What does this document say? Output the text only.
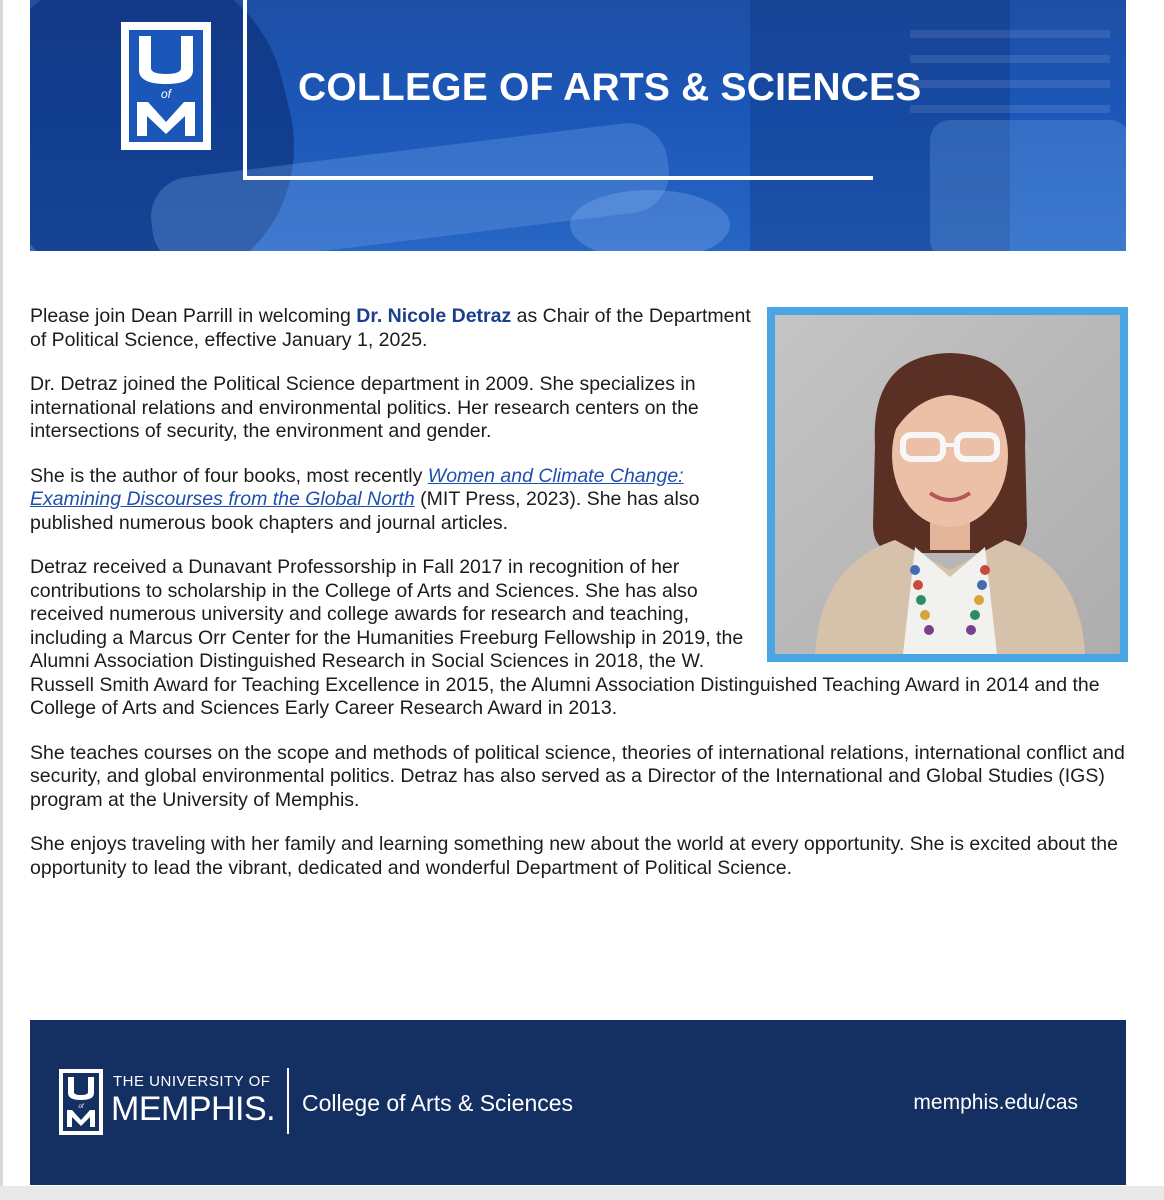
of	COLLEGE OF ARTS & SCIENCES

Please join Dean Parrill in welcoming Dr. Nicole Detraz as Chair of the Department of Political Science, effective January 1, 2025.

Dr. Detraz joined the Political Science department in 2009. She specializes in international relations and environmental politics. Her research centers on the intersections of security, the environment and gender.

She is the author of four books, most recently Women and Climate Change: Examining Discourses from the Global North (MIT Press, 2023). She has also published numerous book chapters and journal articles.

Detraz received a Dunavant Professorship in Fall 2017 in recognition of her contributions to scholarship in the College of Arts and Sciences. She has also received numerous university and college awards for research and teaching, including a Marcus Orr Center for the Humanities Freeburg Fellowship in 2019, the Alumni Association Distinguished Research in Social Sciences in 2018, the W. Russell Smith Award for Teaching Excellence in 2015, the Alumni Association Distinguished Teaching Award in 2014 and the College of Arts and Sciences Early Career Research Award in 2013.

She teaches courses on the scope and methods of political science, theories of international relations, international conflict and security, and global environmental politics. Detraz has also served as a Director of the International and Global Studies (IGS) program at the University of Memphis.

She enjoys traveling with her family and learning something new about the world at every opportunity. She is excited about the opportunity to lead the vibrant, dedicated and wonderful Department of Political Science.

of
THE UNIVERSITY OF
MEMPHIS. College of Arts & Sciences	memphis.edu/cas
